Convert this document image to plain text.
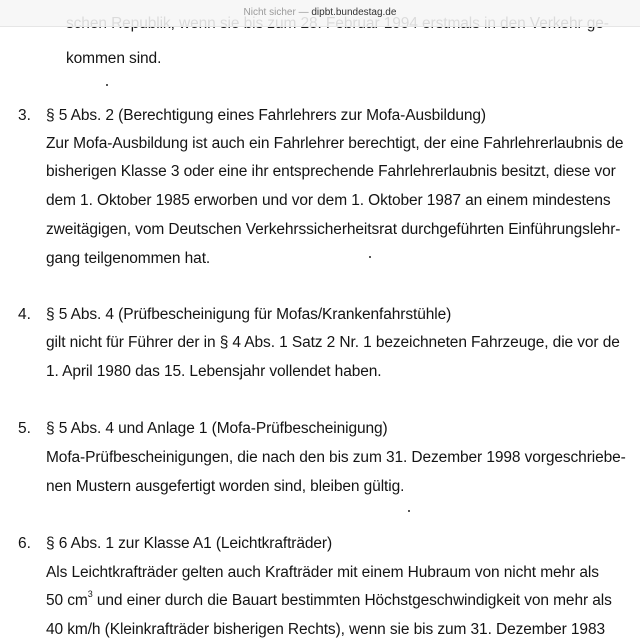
kommen sind.
3. § 5 Abs. 2 (Berechtigung eines Fahrlehrers zur Mofa-Ausbildung)
Zur Mofa-Ausbildung ist auch ein Fahrlehrer berechtigt, der eine Fahrlehrerlaubnis de
bisherigen Klasse 3 oder eine ihr entsprechende Fahrlehrerlaubnis besitzt, diese vor
dem 1. Oktober 1985 erworben und vor dem 1. Oktober 1987 an einem mindestens
zweitägigen, vom Deutschen Verkehrssicherheitsrat durchgeführten Einführungslehr-
gang teilgenommen hat.
4. § 5 Abs. 4 (Prüfbescheinigung für Mofas/Krankenfahrstühle)
gilt nicht für Führer der in § 4 Abs. 1 Satz 2 Nr. 1 bezeichneten Fahrzeuge, die vor de
1. April 1980 das 15. Lebensjahr vollendet haben.
5. § 5 Abs. 4 und Anlage 1 (Mofa-Prüfbescheinigung)
Mofa-Prüfbescheinigungen, die nach den bis zum 31. Dezember 1998 vorgeschriebe-
nen Mustern ausgefertigt worden sind, bleiben gültig.
6. § 6 Abs. 1 zur Klasse A1 (Leichtkrafträder)
Als Leichtkrafträder gelten auch Krafträder mit einem Hubraum von nicht mehr als
50 $cm^3$ und einer durch die Bauart bestimmten Höchstgeschwindigkeit von mehr als
40 km/h (Kleinkrafträder bisherigen Rechts), wenn sie bis zum 31. Dezember 1983
Nicht sicher — dipbt.bundestag.de
